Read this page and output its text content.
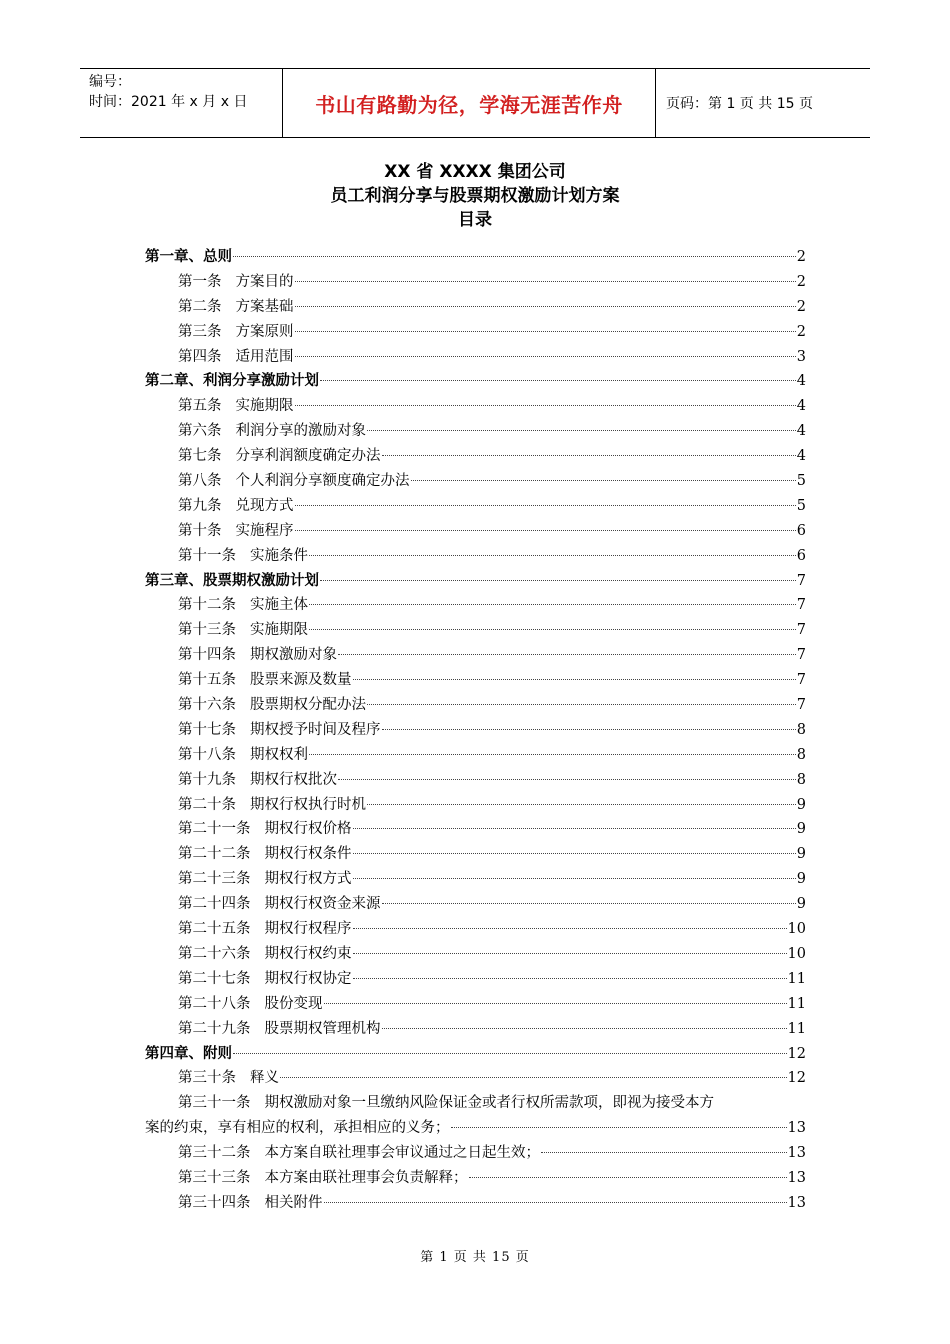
编号：
时间：2021 年 x 月 x 日	书山有路勤为径，学海无涯苦作舟	页码：第 1 页 共 15 页
XX 省 XXXX 集团公司
员工利润分享与股票期权激励计划方案
目录
第一章、总则	2
第一条 方案目的	2
第二条 方案基础	2
第三条 方案原则	2
第四条 适用范围	3
第二章、利润分享激励计划	4
第五条 实施期限	4
第六条 利润分享的激励对象	4
第七条 分享利润额度确定办法	4
第八条 个人利润分享额度确定办法	5
第九条 兑现方式	5
第十条 实施程序	6
第十一条 实施条件	6
第三章、股票期权激励计划	7
第十二条 实施主体	7
第十三条 实施期限	7
第十四条 期权激励对象	7
第十五条 股票来源及数量	7
第十六条 股票期权分配办法	7
第十七条 期权授予时间及程序	8
第十八条 期权权利	8
第十九条 期权行权批次	8
第二十条 期权行权执行时机	9
第二十一条 期权行权价格	9
第二十二条 期权行权条件	9
第二十三条 期权行权方式	9
第二十四条 期权行权资金来源	9
第二十五条 期权行权程序	10
第二十六条 期权行权约束	10
第二十七条 期权行权协定	11
第二十八条 股份变现	11
第二十九条 股票期权管理机构	11
第四章、附则	12
第三十条 释义	12
第三十一条 期权激励对象一旦缴纳风险保证金或者行权所需款项，即视为接受本方
案的约束，享有相应的权利，承担相应的义务；	13
第三十二条 本方案自联社理事会审议通过之日起生效；	13
第三十三条 本方案由联社理事会负责解释；	13
第三十四条 相关附件	13
第 1 页 共 15 页
